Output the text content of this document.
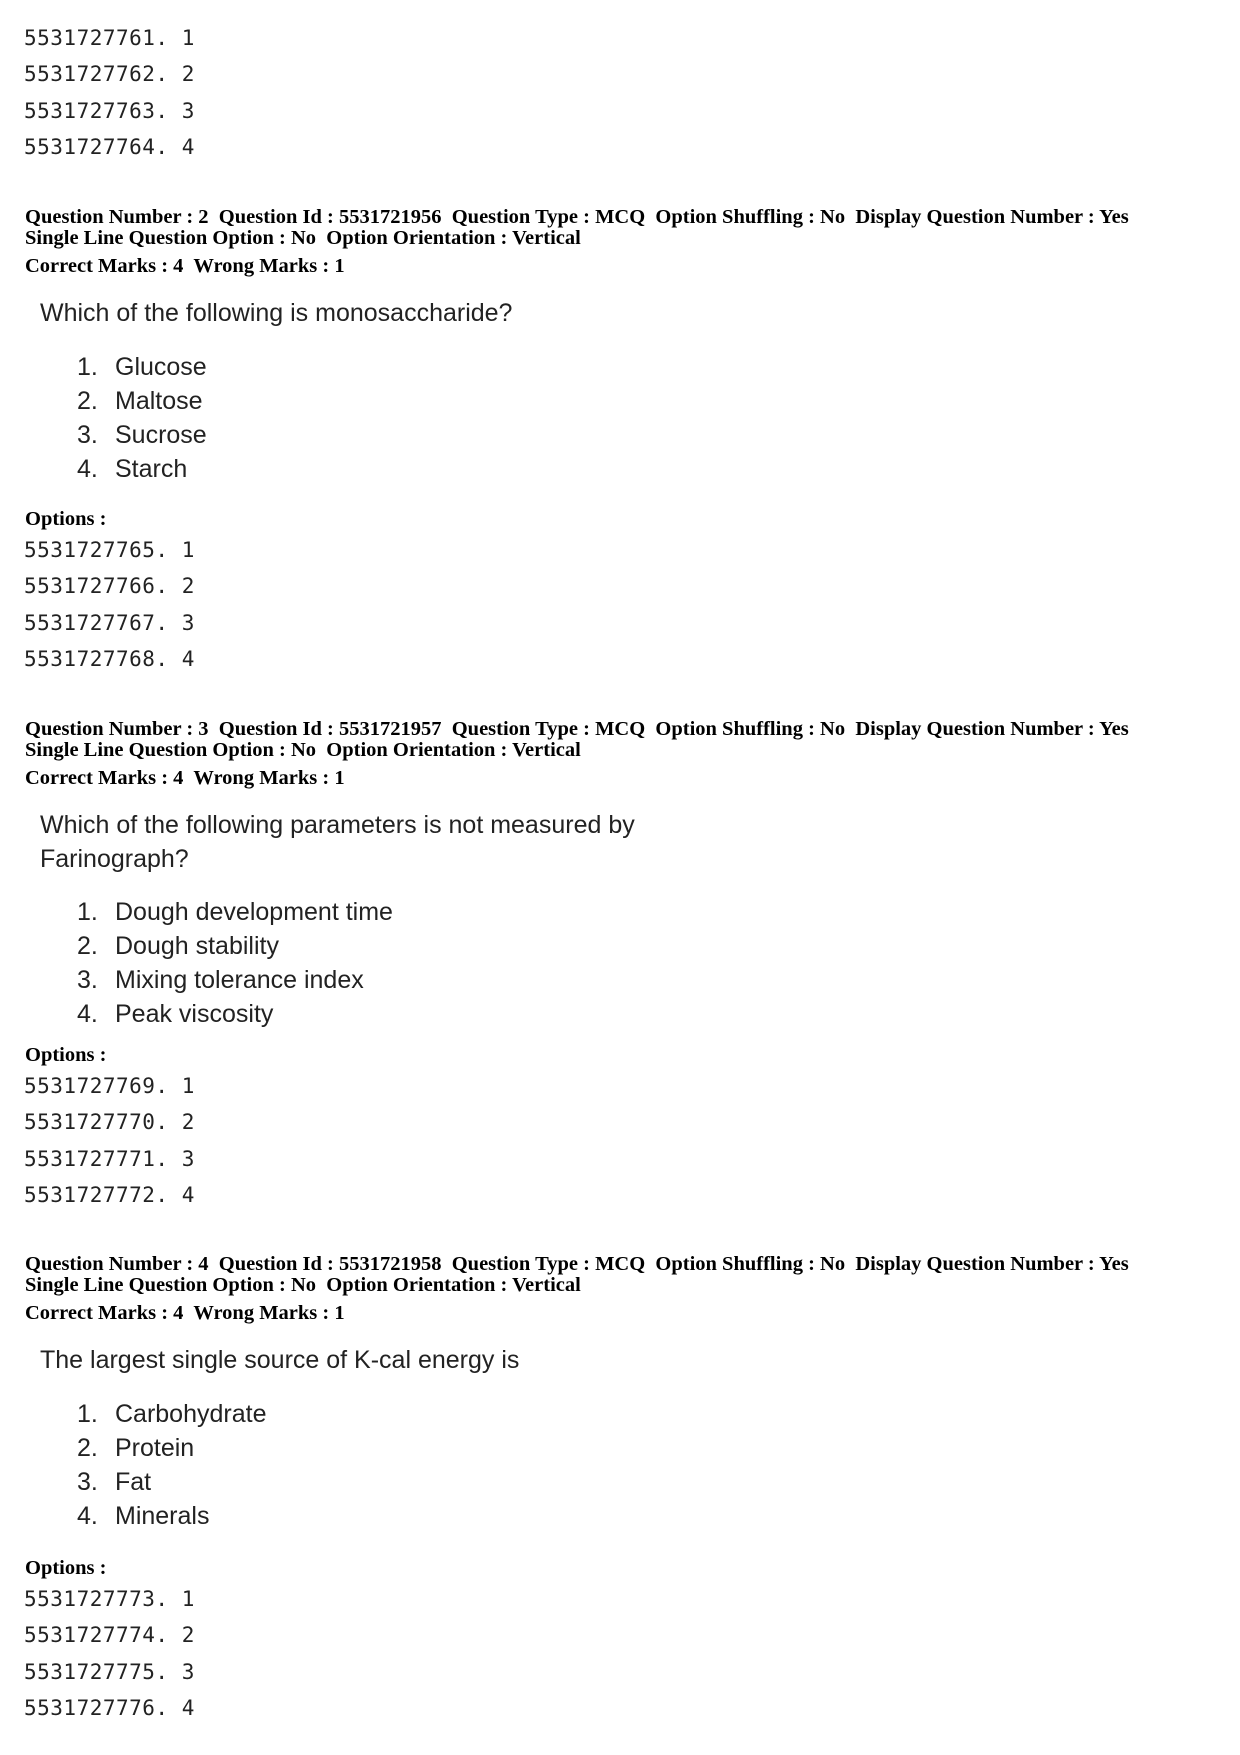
5531727761. 1
5531727762. 2
5531727763. 3
5531727764. 4
Question Number : 2  Question Id : 5531721956  Question Type : MCQ  Option Shuffling : No  Display Question Number : Yes
Single Line Question Option : No  Option Orientation : Vertical
Correct Marks : 4  Wrong Marks : 1
Which of the following is monosaccharide?
1. Glucose
2. Maltose
3. Sucrose
4. Starch
Options :
5531727765. 1
5531727766. 2
5531727767. 3
5531727768. 4
Question Number : 3  Question Id : 5531721957  Question Type : MCQ  Option Shuffling : No  Display Question Number : Yes
Single Line Question Option : No  Option Orientation : Vertical
Correct Marks : 4  Wrong Marks : 1
Which of the following parameters is not measured by
Farinograph?
1. Dough development time
2. Dough stability
3. Mixing tolerance index
4. Peak viscosity
Options :
5531727769. 1
5531727770. 2
5531727771. 3
5531727772. 4
Question Number : 4  Question Id : 5531721958  Question Type : MCQ  Option Shuffling : No  Display Question Number : Yes
Single Line Question Option : No  Option Orientation : Vertical
Correct Marks : 4  Wrong Marks : 1
The largest single source of K-cal energy is
1. Carbohydrate
2. Protein
3. Fat
4. Minerals
Options :
5531727773. 1
5531727774. 2
5531727775. 3
5531727776. 4
